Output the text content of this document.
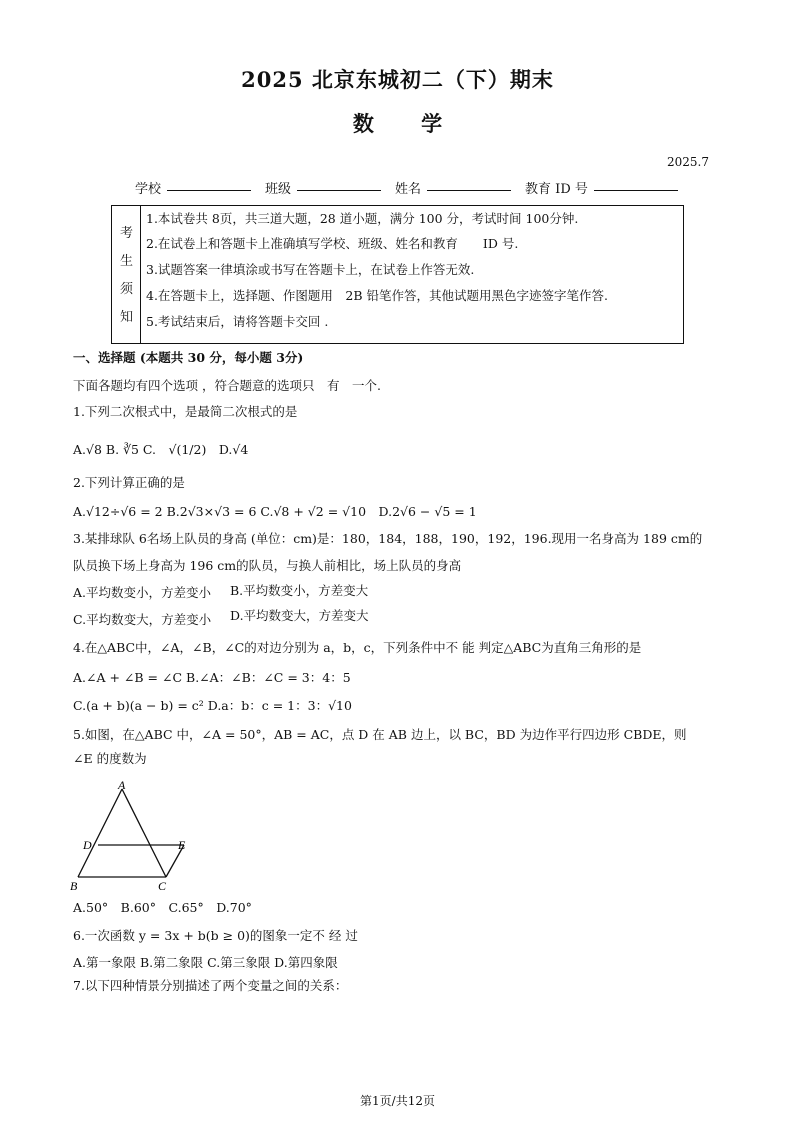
2025 北京东城初二（下）期末
数 学
2025.7
学校	班级	姓名	教育 ID 号
考
生
须
知
1.本试卷共 8页，共三道大题，28 道小题，满分 100 分，考试时间 100分钟.
2.在试卷上和答题卡上准确填写学校、班级、姓名和教育　　ID 号.
3.试题答案一律填涂或书写在答题卡上，在试卷上作答无效.
4.在答题卡上，选择题、作图题用　2B 铅笔作答，其他试题用黑色字迹签字笔作答.
5.考试结束后，请将答题卡交回 .
一、选择题 (本题共 30 分，每小题 3分)
下面各题均有四个选项 ，符合题意的选项只　有　一个.
1.下列二次根式中，是最简二次根式的是
A.√8 B. ∛5 C.　√(1/2)　D.√4
2.下列计算正确的是
A.√12÷√6 = 2 B.2√3×√3 = 6 C.√8 + √2 = √10　D.2√6 − √5 = 1
3.某排球队 6名场上队员的身高 (单位：cm)是：180，184，188，190，192，196.现用一名身高为 189 cm的
队员换下场上身高为 196 cm的队员，与换人前相比，场上队员的身高
A.平均数变小，方差变小 B.平均数变小，方差变大
C.平均数变大，方差变小 D.平均数变大，方差变大
4.在△ABC中，∠A，∠B，∠C的对边分别为 a，b，c，下列条件中不 能 判定△ABC为直角三角形的是
A.∠A + ∠B = ∠C B.∠A：∠B：∠C = 3：4：5
C.(a + b)(a − b) = c² D.a：b：c = 1：3：√10
5.如图，在△ABC 中，∠A = 50°，AB = AC，点 D 在 AB 边上，以 BC，BD 为边作平行四边形 CBDE，则
∠E 的度数为
A
B	C
D	E
A.50°　B.60°　C.65°　D.70°
6.一次函数 y = 3x + b(b ≥ 0)的图象一定不 经 过
A.第一象限 B.第二象限 C.第三象限 D.第四象限
7.以下四种情景分别描述了两个变量之间的关系：
第1页/共12页
